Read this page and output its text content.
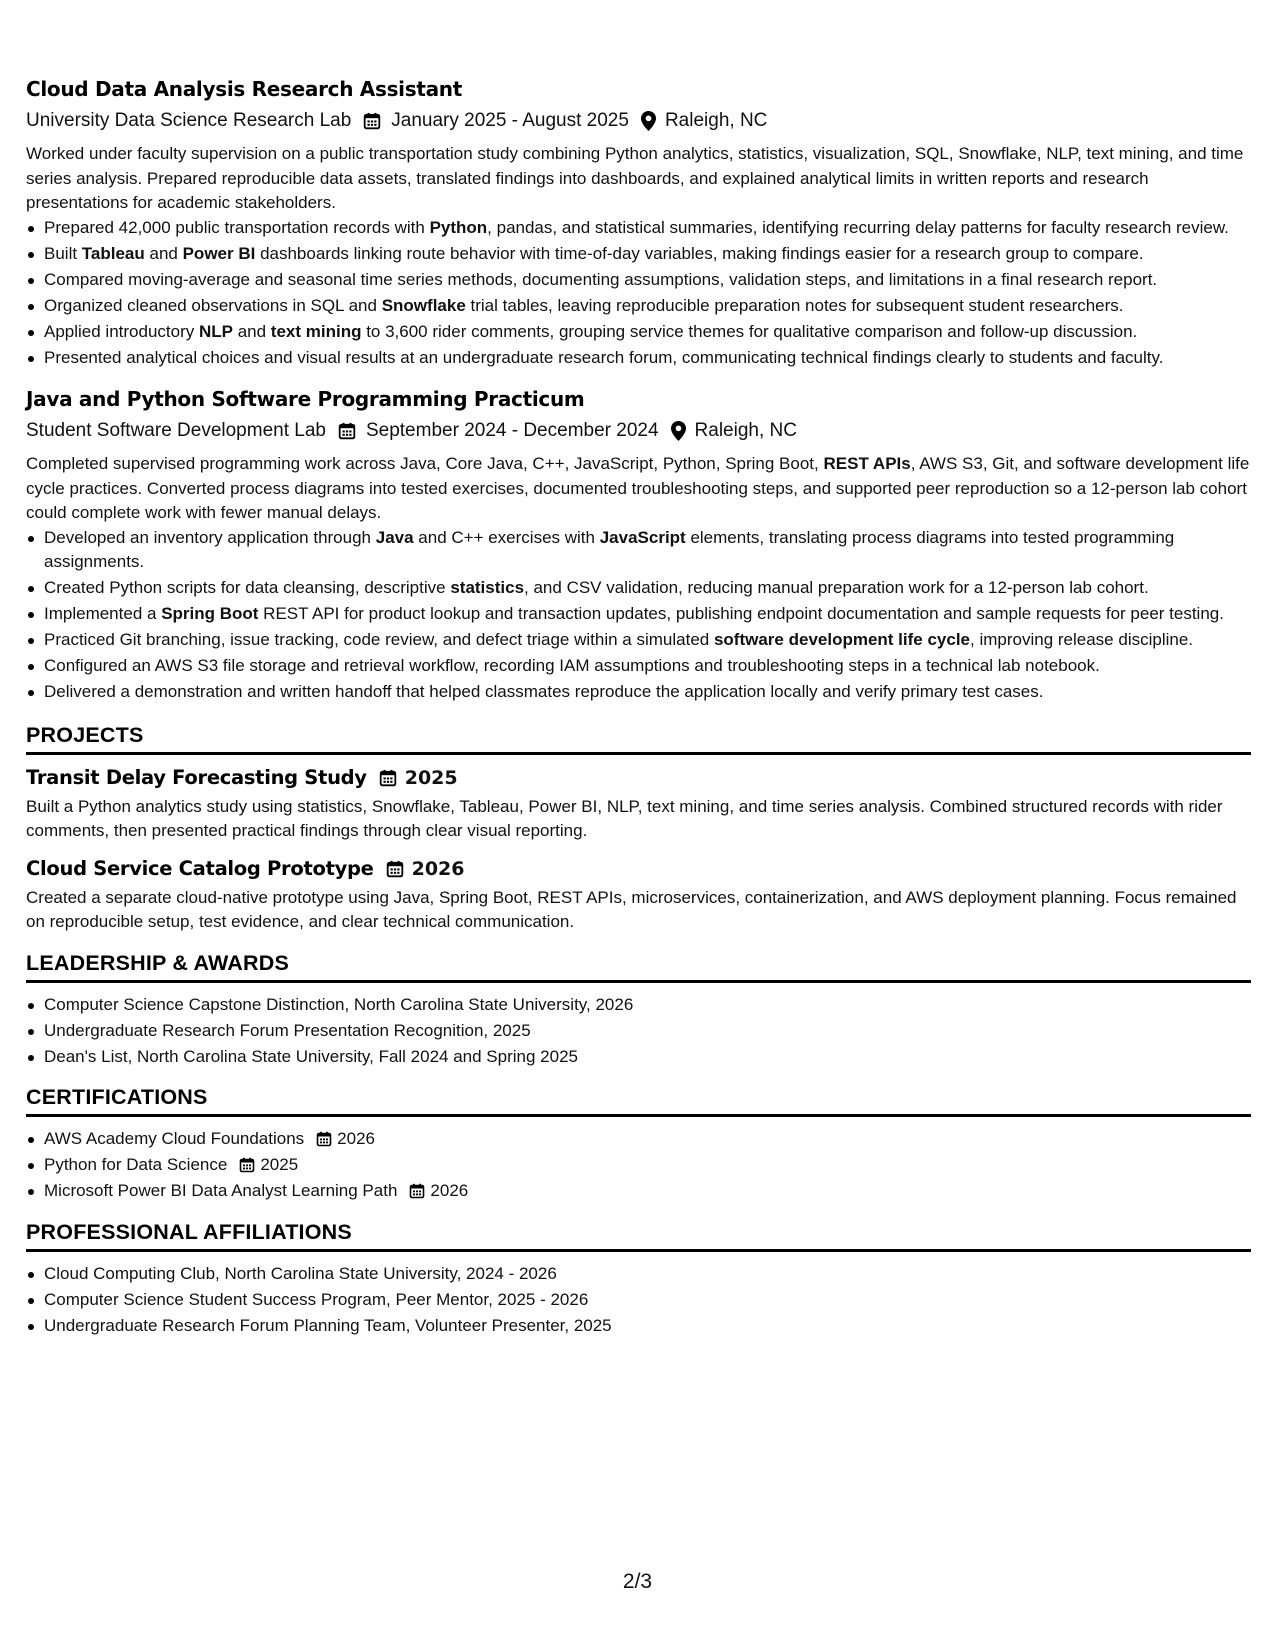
Cloud Data Analysis Research Assistant
University Data Science Research Lab January 2025 - August 2025 Raleigh, NC

Worked under faculty supervision on a public transportation study combining Python analytics, statistics, visualization, SQL, Snowflake, NLP, text mining, and time series analysis. Prepared reproducible data assets, translated findings into dashboards, and explained analytical limits in written reports and research presentations for academic stakeholders.

Prepared 42,000 public transportation records with Python, pandas, and statistical summaries, identifying recurring delay patterns for faculty research review.
Built Tableau and Power BI dashboards linking route behavior with time-of-day variables, making findings easier for a research group to compare.
Compared moving-average and seasonal time series methods, documenting assumptions, validation steps, and limitations in a final research report.
Organized cleaned observations in SQL and Snowflake trial tables, leaving reproducible preparation notes for subsequent student researchers.
Applied introductory NLP and text mining to 3,600 rider comments, grouping service themes for qualitative comparison and follow-up discussion.
Presented analytical choices and visual results at an undergraduate research forum, communicating technical findings clearly to students and faculty.
Java and Python Software Programming Practicum
Student Software Development Lab September 2024 - December 2024 Raleigh, NC

Completed supervised programming work across Java, Core Java, C++, JavaScript, Python, Spring Boot, REST APIs, AWS S3, Git, and software development life cycle practices. Converted process diagrams into tested exercises, documented troubleshooting steps, and supported peer reproduction so a 12-person lab cohort could complete work with fewer manual delays.

Developed an inventory application through Java and C++ exercises with JavaScript elements, translating process diagrams into tested programming assignments.
Created Python scripts for data cleansing, descriptive statistics, and CSV validation, reducing manual preparation work for a 12-person lab cohort.
Implemented a Spring Boot REST API for product lookup and transaction updates, publishing endpoint documentation and sample requests for peer testing.
Practiced Git branching, issue tracking, code review, and defect triage within a simulated software development life cycle, improving release discipline.
Configured an AWS S3 file storage and retrieval workflow, recording IAM assumptions and troubleshooting steps in a technical lab notebook.
Delivered a demonstration and written handoff that helped classmates reproduce the application locally and verify primary test cases.
PROJECTS
Transit Delay Forecasting Study 2025

Built a Python analytics study using statistics, Snowflake, Tableau, Power BI, NLP, text mining, and time series analysis. Combined structured records with rider comments, then presented practical findings through clear visual reporting.

Cloud Service Catalog Prototype 2026

Created a separate cloud-native prototype using Java, Spring Boot, REST APIs, microservices, containerization, and AWS deployment planning. Focus remained on reproducible setup, test evidence, and clear technical communication.

LEADERSHIP & AWARDS
Computer Science Capstone Distinction, North Carolina State University, 2026
Undergraduate Research Forum Presentation Recognition, 2025
Dean's List, North Carolina State University, Fall 2024 and Spring 2025
CERTIFICATIONS
AWS Academy Cloud Foundations 2026
Python for Data Science 2025
Microsoft Power BI Data Analyst Learning Path 2026
PROFESSIONAL AFFILIATIONS
Cloud Computing Club, North Carolina State University, 2024 - 2026
Computer Science Student Success Program, Peer Mentor, 2025 - 2026
Undergraduate Research Forum Planning Team, Volunteer Presenter, 2025
2/3
